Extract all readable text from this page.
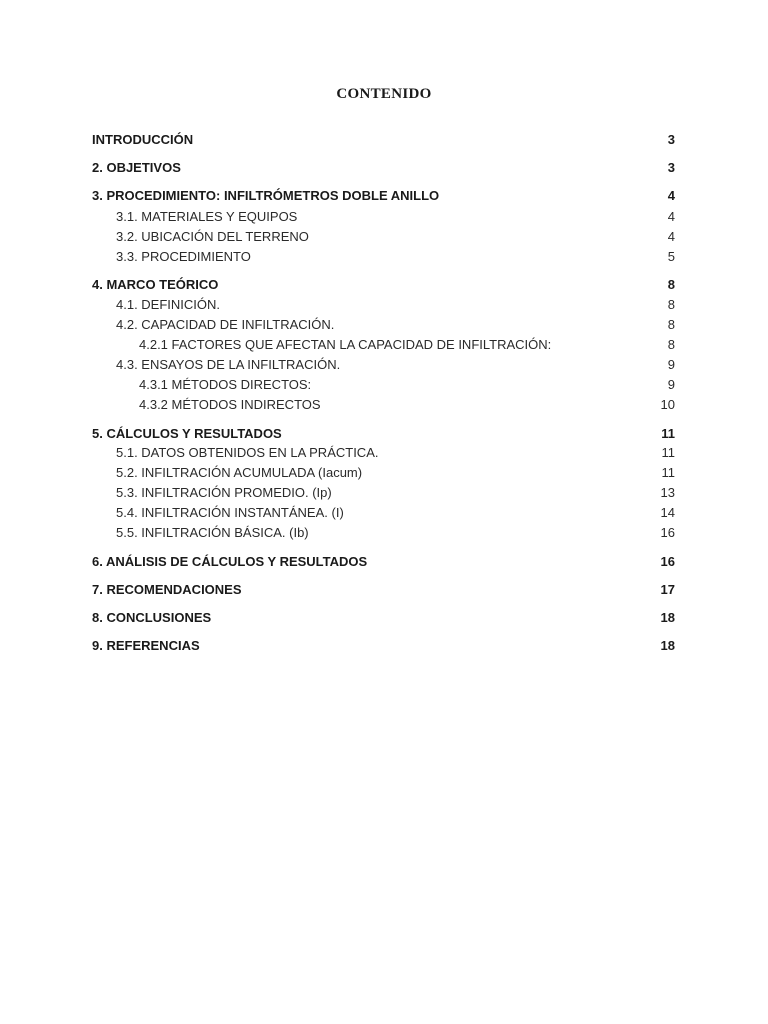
CONTENIDO
INTRODUCCIÓN	3
2. OBJETIVOS	3
3. PROCEDIMIENTO: INFILTRÓMETROS DOBLE ANILLO	4
3.1. MATERIALES Y EQUIPOS	4
3.2. UBICACIÓN DEL TERRENO	4
3.3. PROCEDIMIENTO	5
4. MARCO TEÓRICO	8
4.1. DEFINICIÓN.	8
4.2. CAPACIDAD DE INFILTRACIÓN.	8
4.2.1 FACTORES QUE AFECTAN LA CAPACIDAD DE INFILTRACIÓN:	8
4.3. ENSAYOS DE LA INFILTRACIÓN.	9
4.3.1 MÉTODOS DIRECTOS:	9
4.3.2 MÉTODOS INDIRECTOS	10
5. CÁLCULOS Y RESULTADOS	11
5.1. DATOS OBTENIDOS EN LA PRÁCTICA.	11
5.2. INFILTRACIÓN ACUMULADA (Iacum)	11
5.3. INFILTRACIÓN PROMEDIO. (Ip)	13
5.4. INFILTRACIÓN INSTANTÁNEA. (I)	14
5.5. INFILTRACIÓN BÁSICA. (Ib)	16
6. ANÁLISIS DE CÁLCULOS Y RESULTADOS	16
7. RECOMENDACIONES	17
8. CONCLUSIONES	18
9. REFERENCIAS	18
